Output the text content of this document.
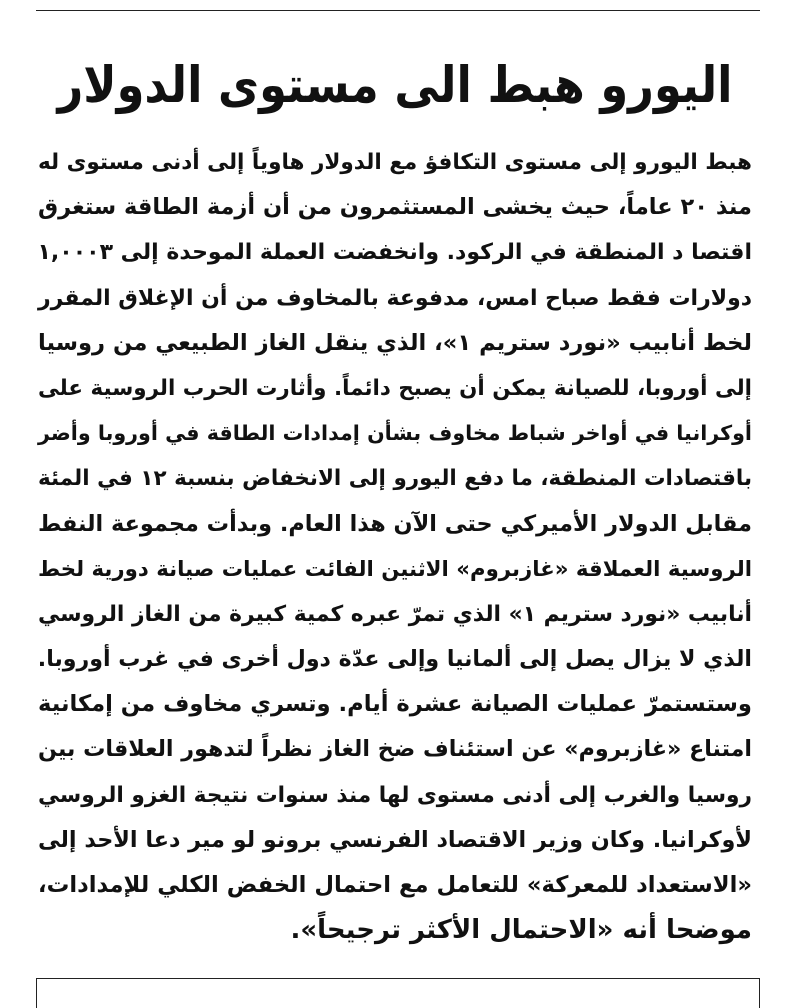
اليورو هبط الى مستوى الدولار
هبط اليورو إلى مستوى التكافؤ مع الدولار هاوياً إلى أدنى مستوى له
منذ ٢٠ عاماً، حيث يخشى المستثمرون من أن أزمة الطاقة ستغرق
اقتصا د المنطقة في الركود. وانخفضت العملة الموحدة إلى ١,٠٠٠٣
دولارات فقط صباح امس، مدفوعة بالمخاوف من أن الإغلاق المقرر
لخط أنابيب «نورد ستريم ١»، الذي ينقل الغاز الطبيعي من روسيا
إلى أوروبا، للصيانة يمكن أن يصبح دائماً. وأثارت الحرب الروسية على
أوكرانيا في أواخر شباط مخاوف بشأن إمدادات الطاقة في أوروبا وأضر
باقتصادات المنطقة، ما دفع اليورو إلى الانخفاض بنسبة ١٢ في المئة
مقابل الدولار الأميركي حتى الآن هذا العام. وبدأت مجموعة النفط
الروسية العملاقة «غازبروم» الاثنين الفائت عمليات صيانة دورية لخط
أنابيب «نورد ستريم ١» الذي تمرّ عبره كمية كبيرة من الغاز الروسي
الذي لا يزال يصل إلى ألمانيا وإلى عدّة دول أخرى في غرب أوروبا.
وستستمرّ عمليات الصيانة عشرة أيام. وتسري مخاوف من إمكانية
امتناع «غازبروم» عن استئناف ضخ الغاز نظراً لتدهور العلاقات بين
روسيا والغرب إلى أدنى مستوى لها منذ سنوات نتيجة الغزو الروسي
لأوكرانيا. وكان وزير الاقتصاد الفرنسي برونو لو مير دعا الأحد إلى
«الاستعداد للمعركة» للتعامل مع احتمال الخفض الكلي للإمدادات،
موضحا أنه «الاحتمال الأكثر ترجيحاً».
